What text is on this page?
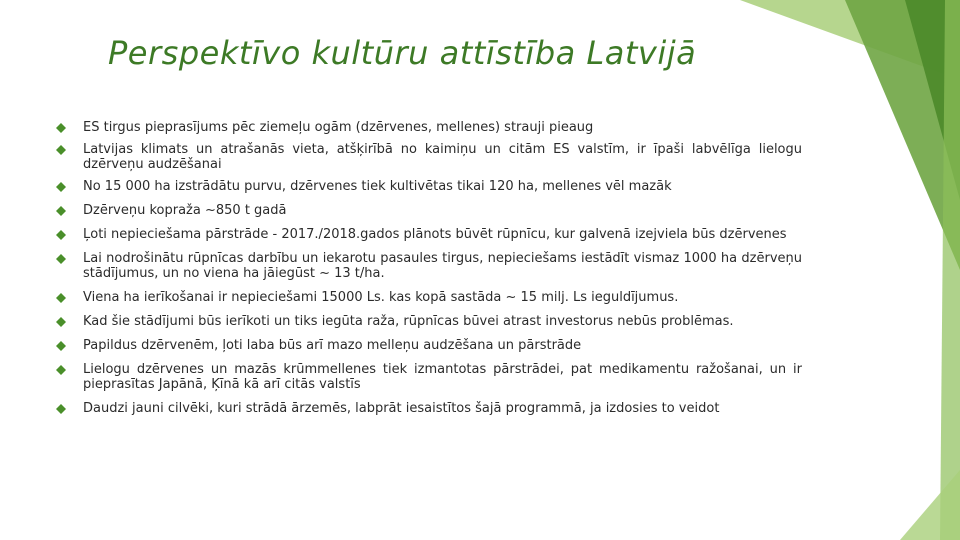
Perspektīvo kultūru attīstība Latvijā
ES tirgus pieprasījums pēc ziemeļu ogām (dzērvenes, mellenes) strauji pieaug
Latvijas klimats un atrašanās vieta, atšķirībā no kaimiņu un citām ES valstīm, ir īpaši labvēlīga lielogu dzērveņu audzēšanai
No 15 000 ha izstrādātu purvu, dzērvenes tiek kultivētas tikai 120 ha, mellenes vēl mazāk
Dzērveņu kopraža ~850 t gadā
Ļoti nepieciešama pārstrāde - 2017./2018.gados plānots būvēt rūpnīcu, kur galvenā izejviela būs dzērvenes
Lai nodrošinātu rūpnīcas darbību un iekarotu pasaules tirgus, nepieciešams iestādīt vismaz 1000 ha dzērveņu stādījumus, un no viena ha jāiegūst ~ 13 t/ha.
Viena ha ierīkošanai ir nepieciešami 15000 Ls. kas kopā sastāda ~ 15 milj. Ls ieguldījumus.
Kad šie stādījumi būs ierīkoti un tiks iegūta raža, rūpnīcas būvei atrast investorus nebūs problēmas.
Papildus dzērvenēm, ļoti laba būs arī mazo melleņu audzēšana un pārstrāde
Lielogu dzērvenes un mazās krūmmellenes tiek izmantotas pārstrādei, pat medikamentu ražošanai, un ir pieprasītas Japānā, Ķīnā kā arī citās valstīs
Daudzi jauni cilvēki, kuri strādā ārzemēs, labprāt iesaistītos šajā programmā, ja izdosies to veidot
